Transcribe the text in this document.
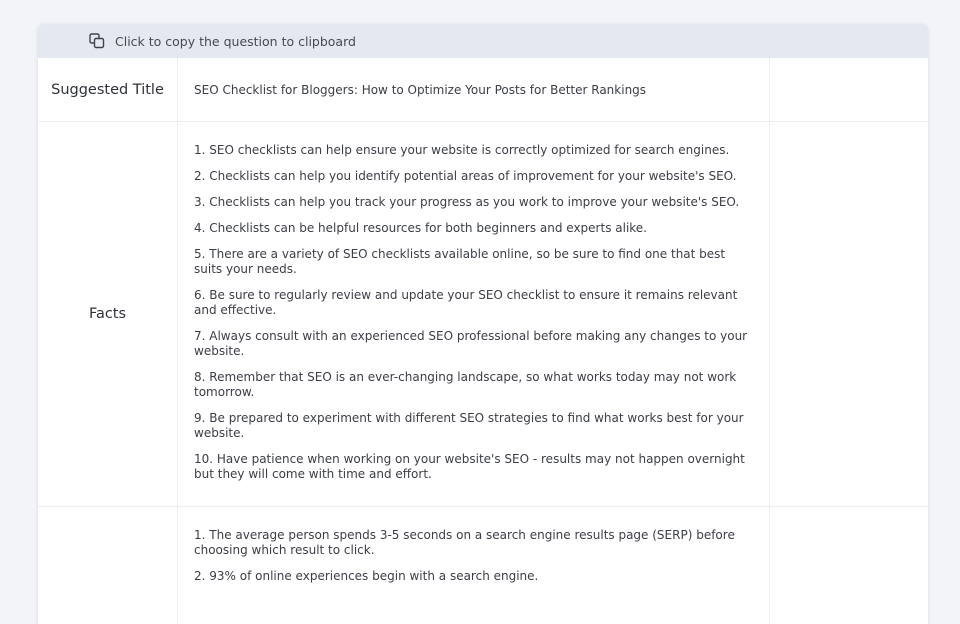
Click to copy the question to clipboard
Suggested Title	SEO Checklist for Bloggers: How to Optimize Your Posts for Better Rankings
Facts
1. SEO checklists can help ensure your website is correctly optimized for search engines.
2. Checklists can help you identify potential areas of improvement for your website's SEO.
3. Checklists can help you track your progress as you work to improve your website's SEO.
4. Checklists can be helpful resources for both beginners and experts alike.
5. There are a variety of SEO checklists available online, so be sure to find one that best suits your needs.
6. Be sure to regularly review and update your SEO checklist to ensure it remains relevant and effective.
7. Always consult with an experienced SEO professional before making any changes to your website.
8. Remember that SEO is an ever-changing landscape, so what works today may not work tomorrow.
9. Be prepared to experiment with different SEO strategies to find what works best for your website.
10. Have patience when working on your website's SEO - results may not happen overnight but they will come with time and effort.
1. The average person spends 3-5 seconds on a search engine results page (SERP) before choosing which result to click.
2. 93% of online experiences begin with a search engine.
